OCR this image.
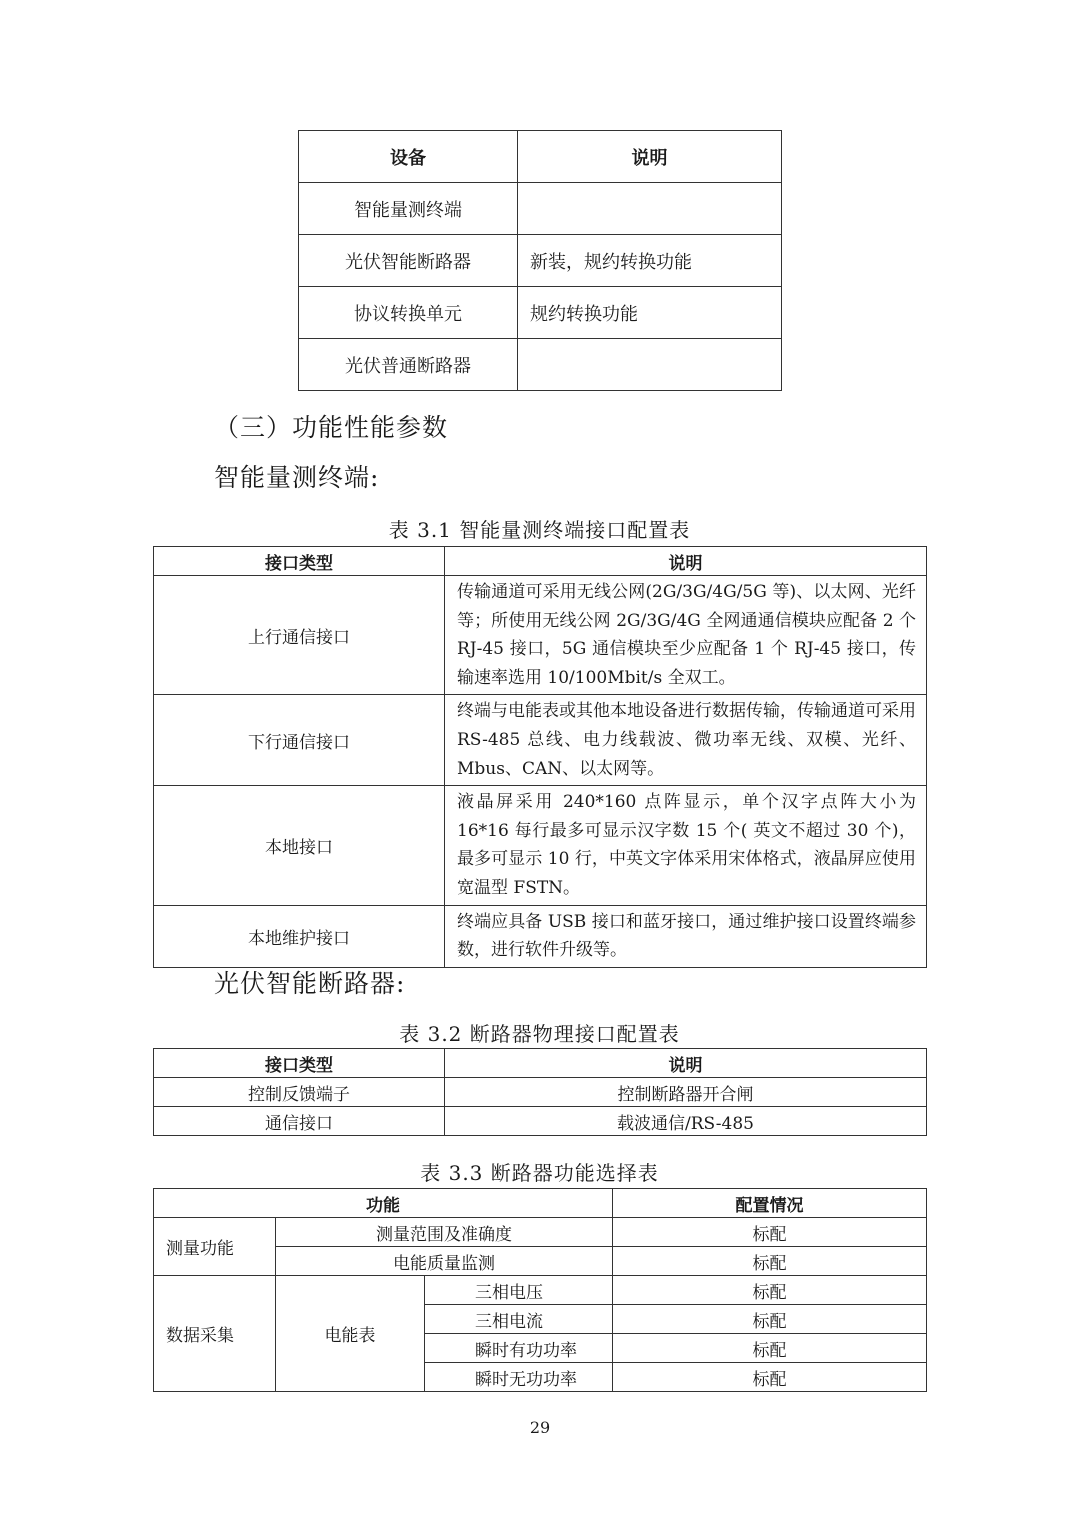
设备	说明
智能量测终端	
光伏智能断路器	新装，规约转换功能
协议转换单元	规约转换功能
光伏普通断路器	
（三）功能性能参数
智能量测终端:
表 3.1 智能量测终端接口配置表
接口类型	说明
上行通信接口	传输通道可采用无线公网(2G/3G/4G/5G 等)、以太网、光纤等；所使用无线公网 2G/3G/4G 全网通通信模块应配备 2 个 RJ-45 接口，5G 通信模块至少应配备 1 个 RJ-45 接口，传输速率选用 10/100Mbit/s 全双工。
下行通信接口	终端与电能表或其他本地设备进行数据传输，传输通道可采用 RS-485 总线、电力线载波、微功率无线、双模、光纤、Mbus、CAN、以太网等。
本地接口	液晶屏采用 240*160 点阵显示，单个汉字点阵大小为 16*16 每行最多可显示汉字数 15 个( 英文不超过 30 个)，最多可显示 10 行，中英文字体采用宋体格式，液晶屏应使用宽温型 FSTN。
本地维护接口	终端应具备 USB 接口和蓝牙接口，通过维护接口设置终端参数，进行软件升级等。
光伏智能断路器:
表 3.2 断路器物理接口配置表
接口类型	说明
控制反馈端子	控制断路器开合闸
通信接口	载波通信/RS-485
表 3.3 断路器功能选择表
功能			配置情况
测量功能	测量范围及准确度		标配
	电能质量监测		标配
数据采集	电能表	三相电压	标配
		三相电流	标配
		瞬时有功功率	标配
		瞬时无功功率	标配
29
